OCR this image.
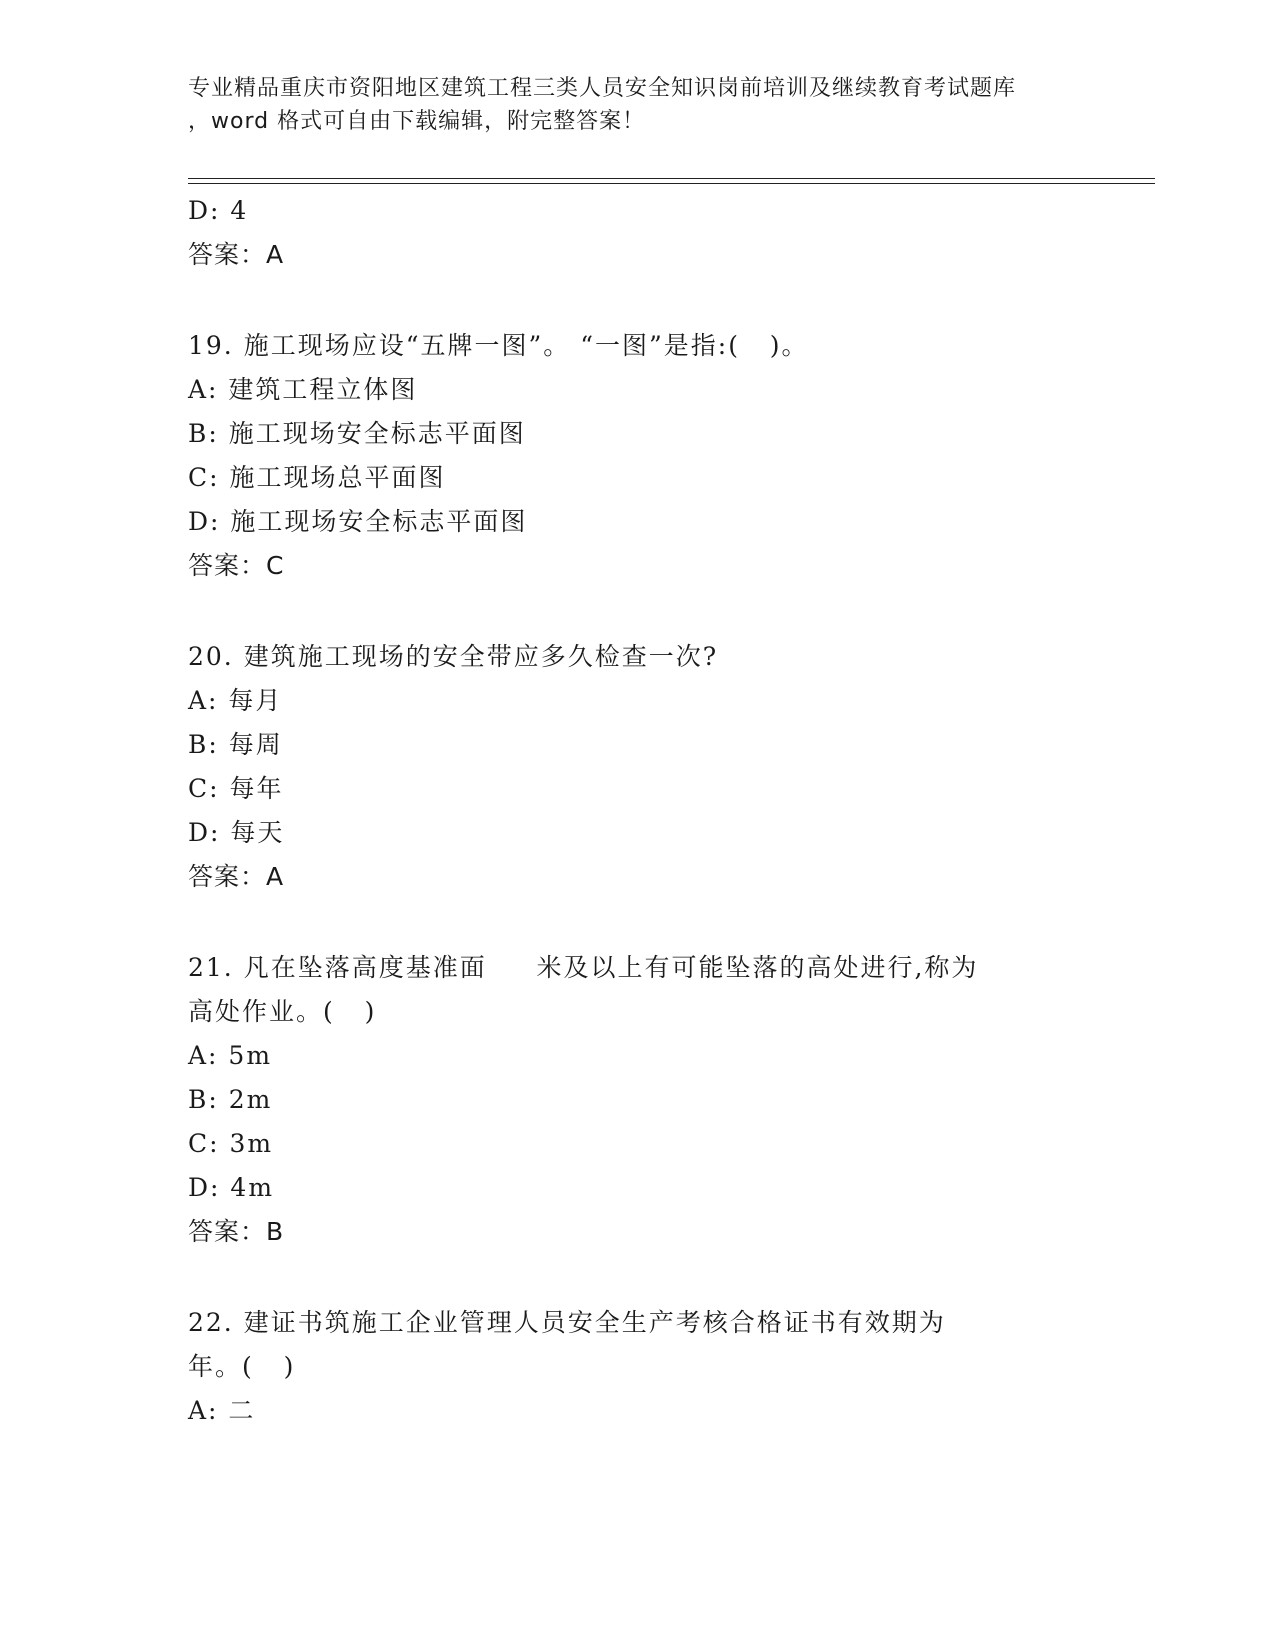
专业精品重庆市资阳地区建筑工程三类人员安全知识岗前培训及继续教育考试题库
，word 格式可自由下载编辑，附完整答案！
D: 4
答案：A
19. 施工现场应设“五牌一图”。 “一图”是指:(   )。
A: 建筑工程立体图
B: 施工现场安全标志平面图
C: 施工现场总平面图
D: 施工现场安全标志平面图
答案：C
20. 建筑施工现场的安全带应多久检查一次?
A: 每月
B: 每周
C: 每年
D: 每天
答案：A
21. 凡在坠落高度基准面     米及以上有可能坠落的高处进行,称为
高处作业。(   )
A: 5m
B: 2m
C: 3m
D: 4m
答案：B
22. 建证书筑施工企业管理人员安全生产考核合格证书有效期为
年。(   )
A: 二
